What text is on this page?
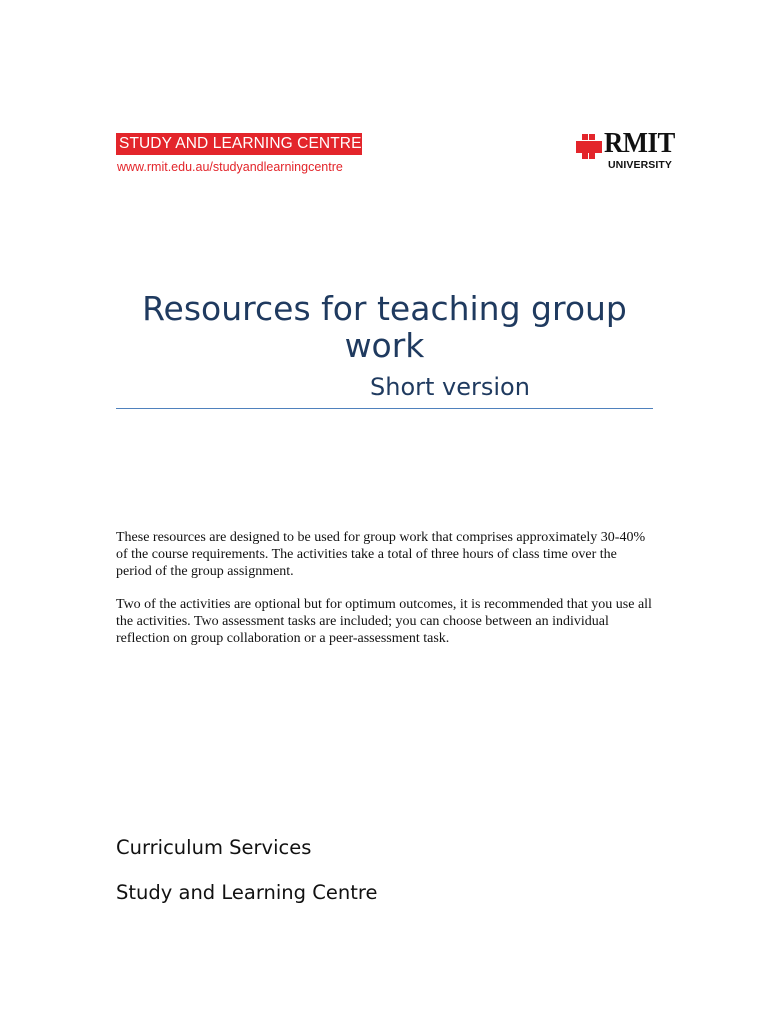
STUDY AND LEARNING CENTRE
www.rmit.edu.au/studyandlearningcentre
RMIT
UNIVERSITY
Resources for teaching group work
Short version

These resources are designed to be used for group work that comprises approximately 30-40% of the course requirements. The activities take a total of three hours of class time over the period of the group assignment.

Two of the activities are optional but for optimum outcomes, it is recommended that you use all the activities. Two assessment tasks are included; you can choose between an individual reflection on group collaboration or a peer-assessment task.

Curriculum Services
Study and Learning Centre
